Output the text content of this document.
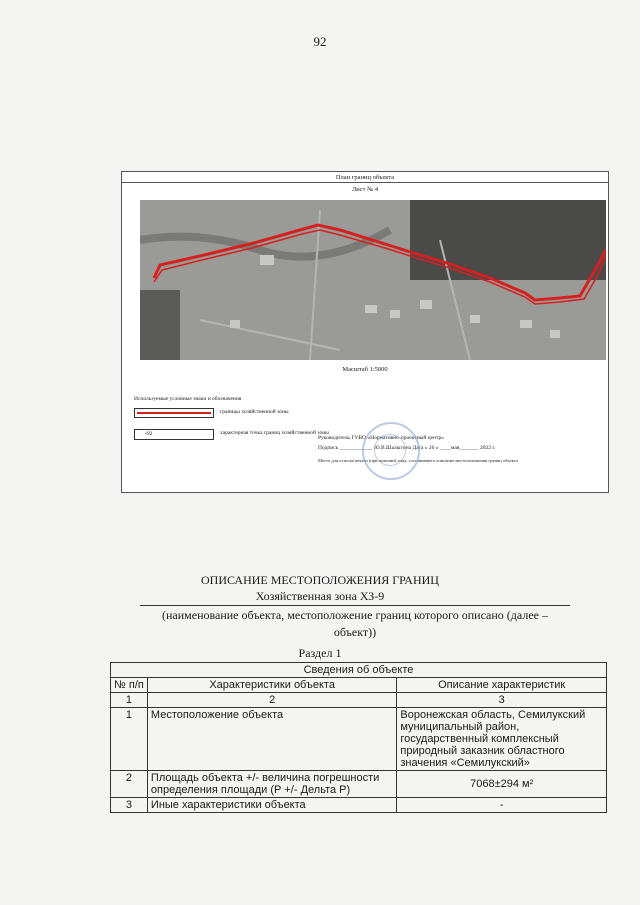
92
План границ объекта
Лист № 4
Масштаб 1:5000
Используемые условные знаки и обозначения
границы хозяйственной зоны
•92	характерная точка границ хозяйственной зоны
Руководитель ГУВО «Нормативно-проектный центр»
Подпись ____________ Ю.В.Шалыгина Дата « 26 » ____мая_______ 2022 г.
Место для оттиска печати (при наличии) лица, составившего описание местоположения границ объекта
ОПИСАНИЕ МЕСТОПОЛОЖЕНИЯ ГРАНИЦ
Хозяйственная зона ХЗ-9
(наименование объекта, местоположение границ которого описано (далее – объект))
Раздел 1
Сведения об объекте		
№ п/п	Характеристики объекта	Описание характеристик
1	2	3
1	Местоположение объекта	Воронежская область, Семилукский муниципальный район, государственный комплексный природный заказник областного значения «Семилукский»
2	Площадь объекта +/- величина погрешности определения площади (Р +/- Дельта Р)	7068±294 м²
3	Иные характеристики объекта	-
